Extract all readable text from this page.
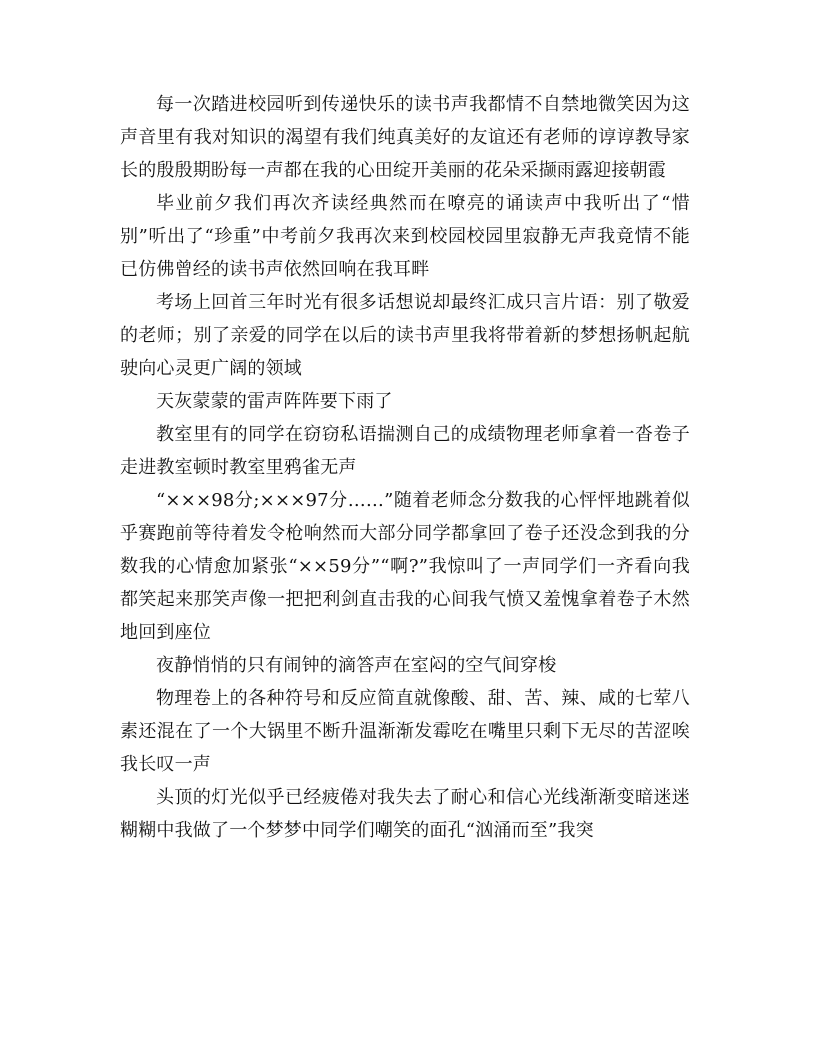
每一次踏进校园听到传递快乐的读书声我都情不自禁地微笑因为这声音里有我对知识的渴望有我们纯真美好的友谊还有老师的谆谆教导家长的殷殷期盼每一声都在我的心田绽开美丽的花朵采撷雨露迎接朝霞

毕业前夕我们再次齐读经典然而在嘹亮的诵读声中我听出了“惜别”听出了“珍重”中考前夕我再次来到校园校园里寂静无声我竟情不能已仿佛曾经的读书声依然回响在我耳畔

考场上回首三年时光有很多话想说却最终汇成只言片语：别了敬爱的老师；别了亲爱的同学在以后的读书声里我将带着新的梦想扬帆起航驶向心灵更广阔的领域

天灰蒙蒙的雷声阵阵要下雨了

教室里有的同学在窃窃私语揣测自己的成绩物理老师拿着一沓卷子走进教室顿时教室里鸦雀无声

“×××98分;×××97分……”随着老师念分数我的心怦怦地跳着似乎赛跑前等待着发令枪响然而大部分同学都拿回了卷子还没念到我的分数我的心情愈加紧张“××59分”“啊?”我惊叫了一声同学们一齐看向我都笑起来那笑声像一把把利剑直击我的心间我气愤又羞愧拿着卷子木然地回到座位

夜静悄悄的只有闹钟的滴答声在室闷的空气间穿梭

物理卷上的各种符号和反应简直就像酸、甜、苦、辣、咸的七荤八素还混在了一个大锅里不断升温渐渐发霉吃在嘴里只剩下无尽的苦涩唉我长叹一声

头顶的灯光似乎已经疲倦对我失去了耐心和信心光线渐渐变暗迷迷糊糊中我做了一个梦梦中同学们嘲笑的面孔“汹涌而至”我突
